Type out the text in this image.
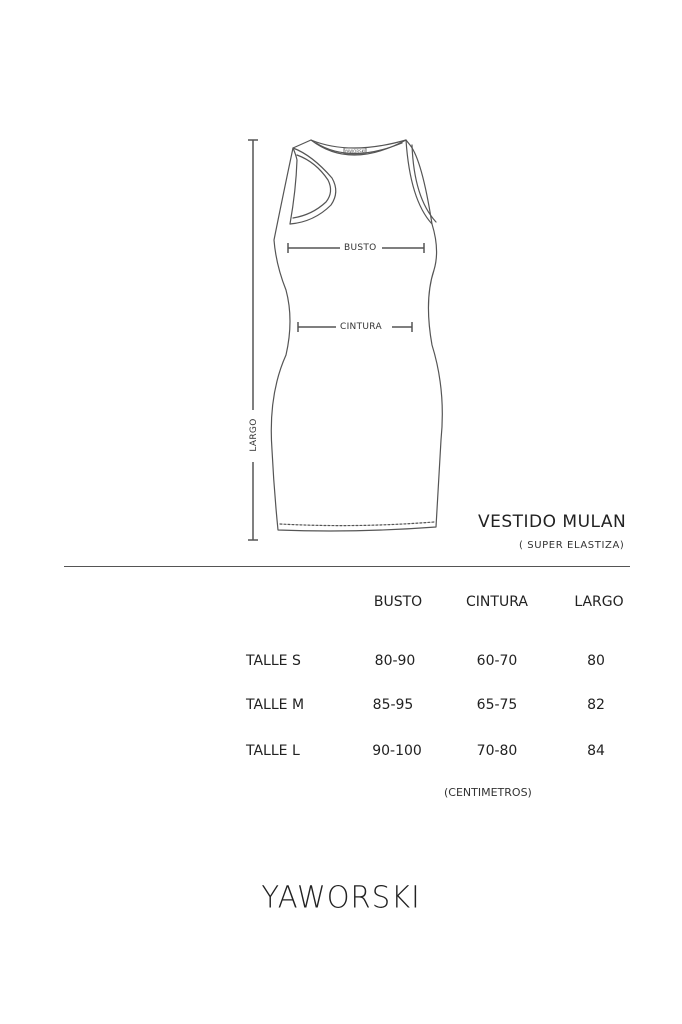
YAWORSKI
BUSTO
CINTURA
LARGO
VESTIDO MULAN
( SUPER ELASTIZA)
BUSTO	CINTURA	LARGO
TALLE S	80-90	60-70	80
TALLE M	85-95	65-75	82
TALLE L	90-100	70-80	84
(CENTIMETROS)
YAWORSKI
